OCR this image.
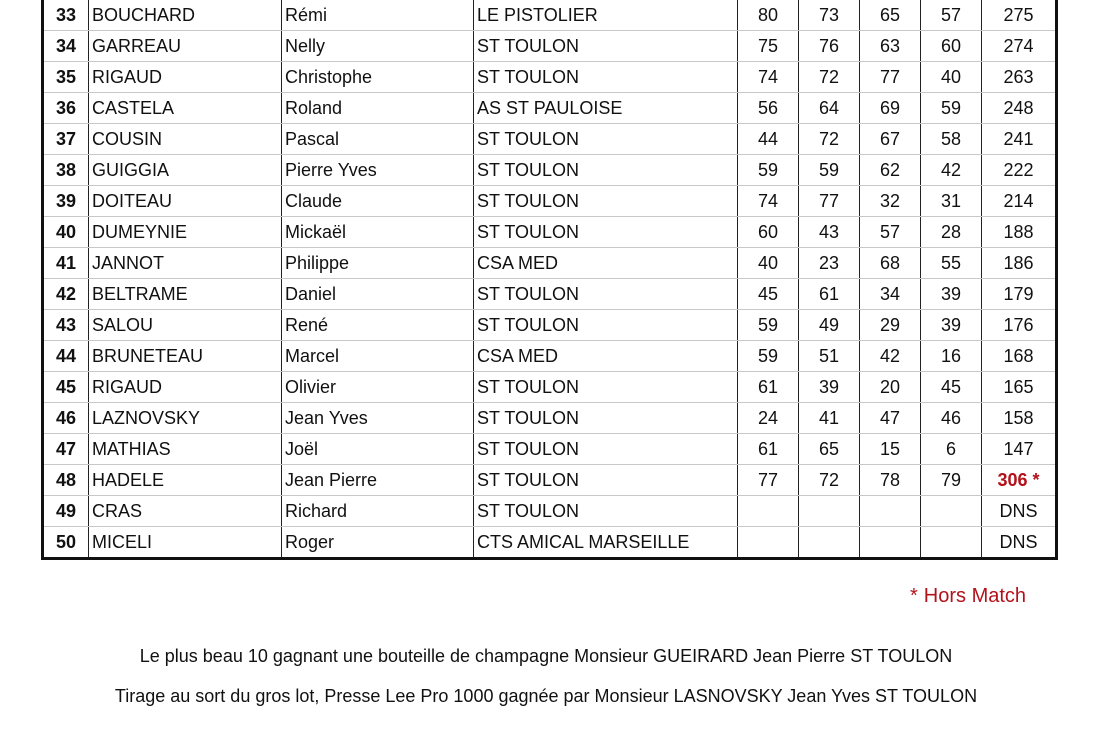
33	BOUCHARD	Rémi	LE PISTOLIER	80	73	65	57	275
34	GARREAU	Nelly	ST TOULON	75	76	63	60	274
35	RIGAUD	Christophe	ST TOULON	74	72	77	40	263
36	CASTELA	Roland	AS ST PAULOISE	56	64	69	59	248
37	COUSIN	Pascal	ST TOULON	44	72	67	58	241
38	GUIGGIA	Pierre Yves	ST TOULON	59	59	62	42	222
39	DOITEAU	Claude	ST TOULON	74	77	32	31	214
40	DUMEYNIE	Mickaël	ST TOULON	60	43	57	28	188
41	JANNOT	Philippe	CSA MED	40	23	68	55	186
42	BELTRAME	Daniel	ST TOULON	45	61	34	39	179
43	SALOU	René	ST TOULON	59	49	29	39	176
44	BRUNETEAU	Marcel	CSA MED	59	51	42	16	168
45	RIGAUD	Olivier	ST TOULON	61	39	20	45	165
46	LAZNOVSKY	Jean Yves	ST TOULON	24	41	47	46	158
47	MATHIAS	Joël	ST TOULON	61	65	15	6	147
48	HADELE	Jean Pierre	ST TOULON	77	72	78	79	306 *
49	CRAS	Richard	ST TOULON					DNS
50	MICELI	Roger	CTS AMICAL MARSEILLE					DNS
* Hors Match
Le plus beau 10 gagnant une bouteille de champagne Monsieur GUEIRARD Jean Pierre ST TOULON
Tirage au sort du gros lot, Presse Lee Pro 1000 gagnée par Monsieur LASNOVSKY Jean Yves ST TOULON
